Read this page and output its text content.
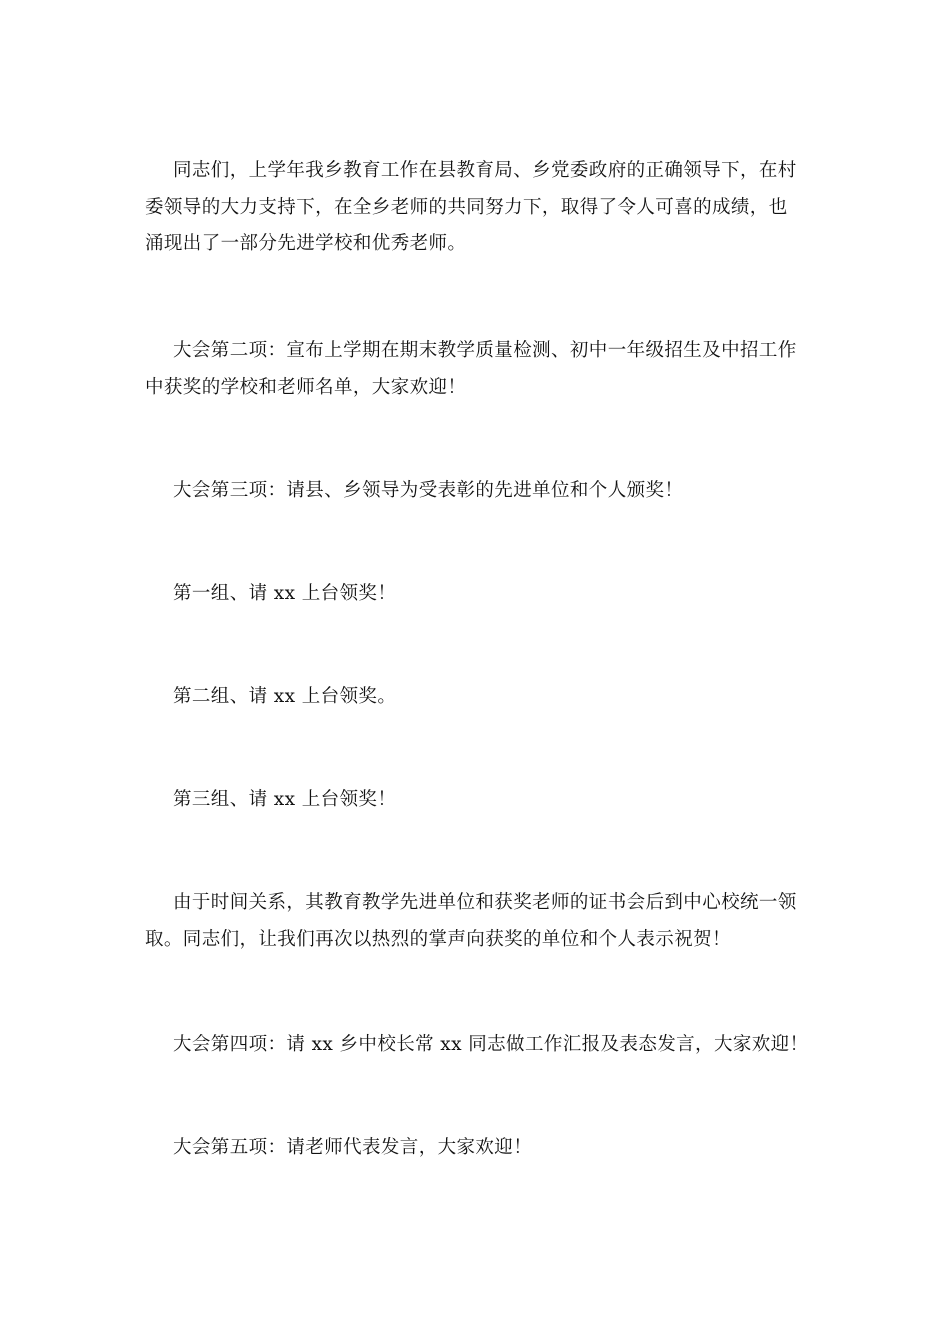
同志们，上学年我乡教育工作在县教育局、乡党委政府的正确领导下，在村
委领导的大力支持下，在全乡老师的共同努力下，取得了令人可喜的成绩，也
涌现出了一部分先进学校和优秀老师。

大会第二项：宣布上学期在期末教学质量检测、初中一年级招生及中招工作
中获奖的学校和老师名单，大家欢迎！

大会第三项：请县、乡领导为受表彰的先进单位和个人颁奖！

第一组、请 xx 上台领奖！

第二组、请 xx 上台领奖。

第三组、请 xx 上台领奖！

由于时间关系，其教育教学先进单位和获奖老师的证书会后到中心校统一领
取。同志们，让我们再次以热烈的掌声向获奖的单位和个人表示祝贺！

大会第四项：请 xx 乡中校长常 xx 同志做工作汇报及表态发言，大家欢迎！

大会第五项：请老师代表发言，大家欢迎！
